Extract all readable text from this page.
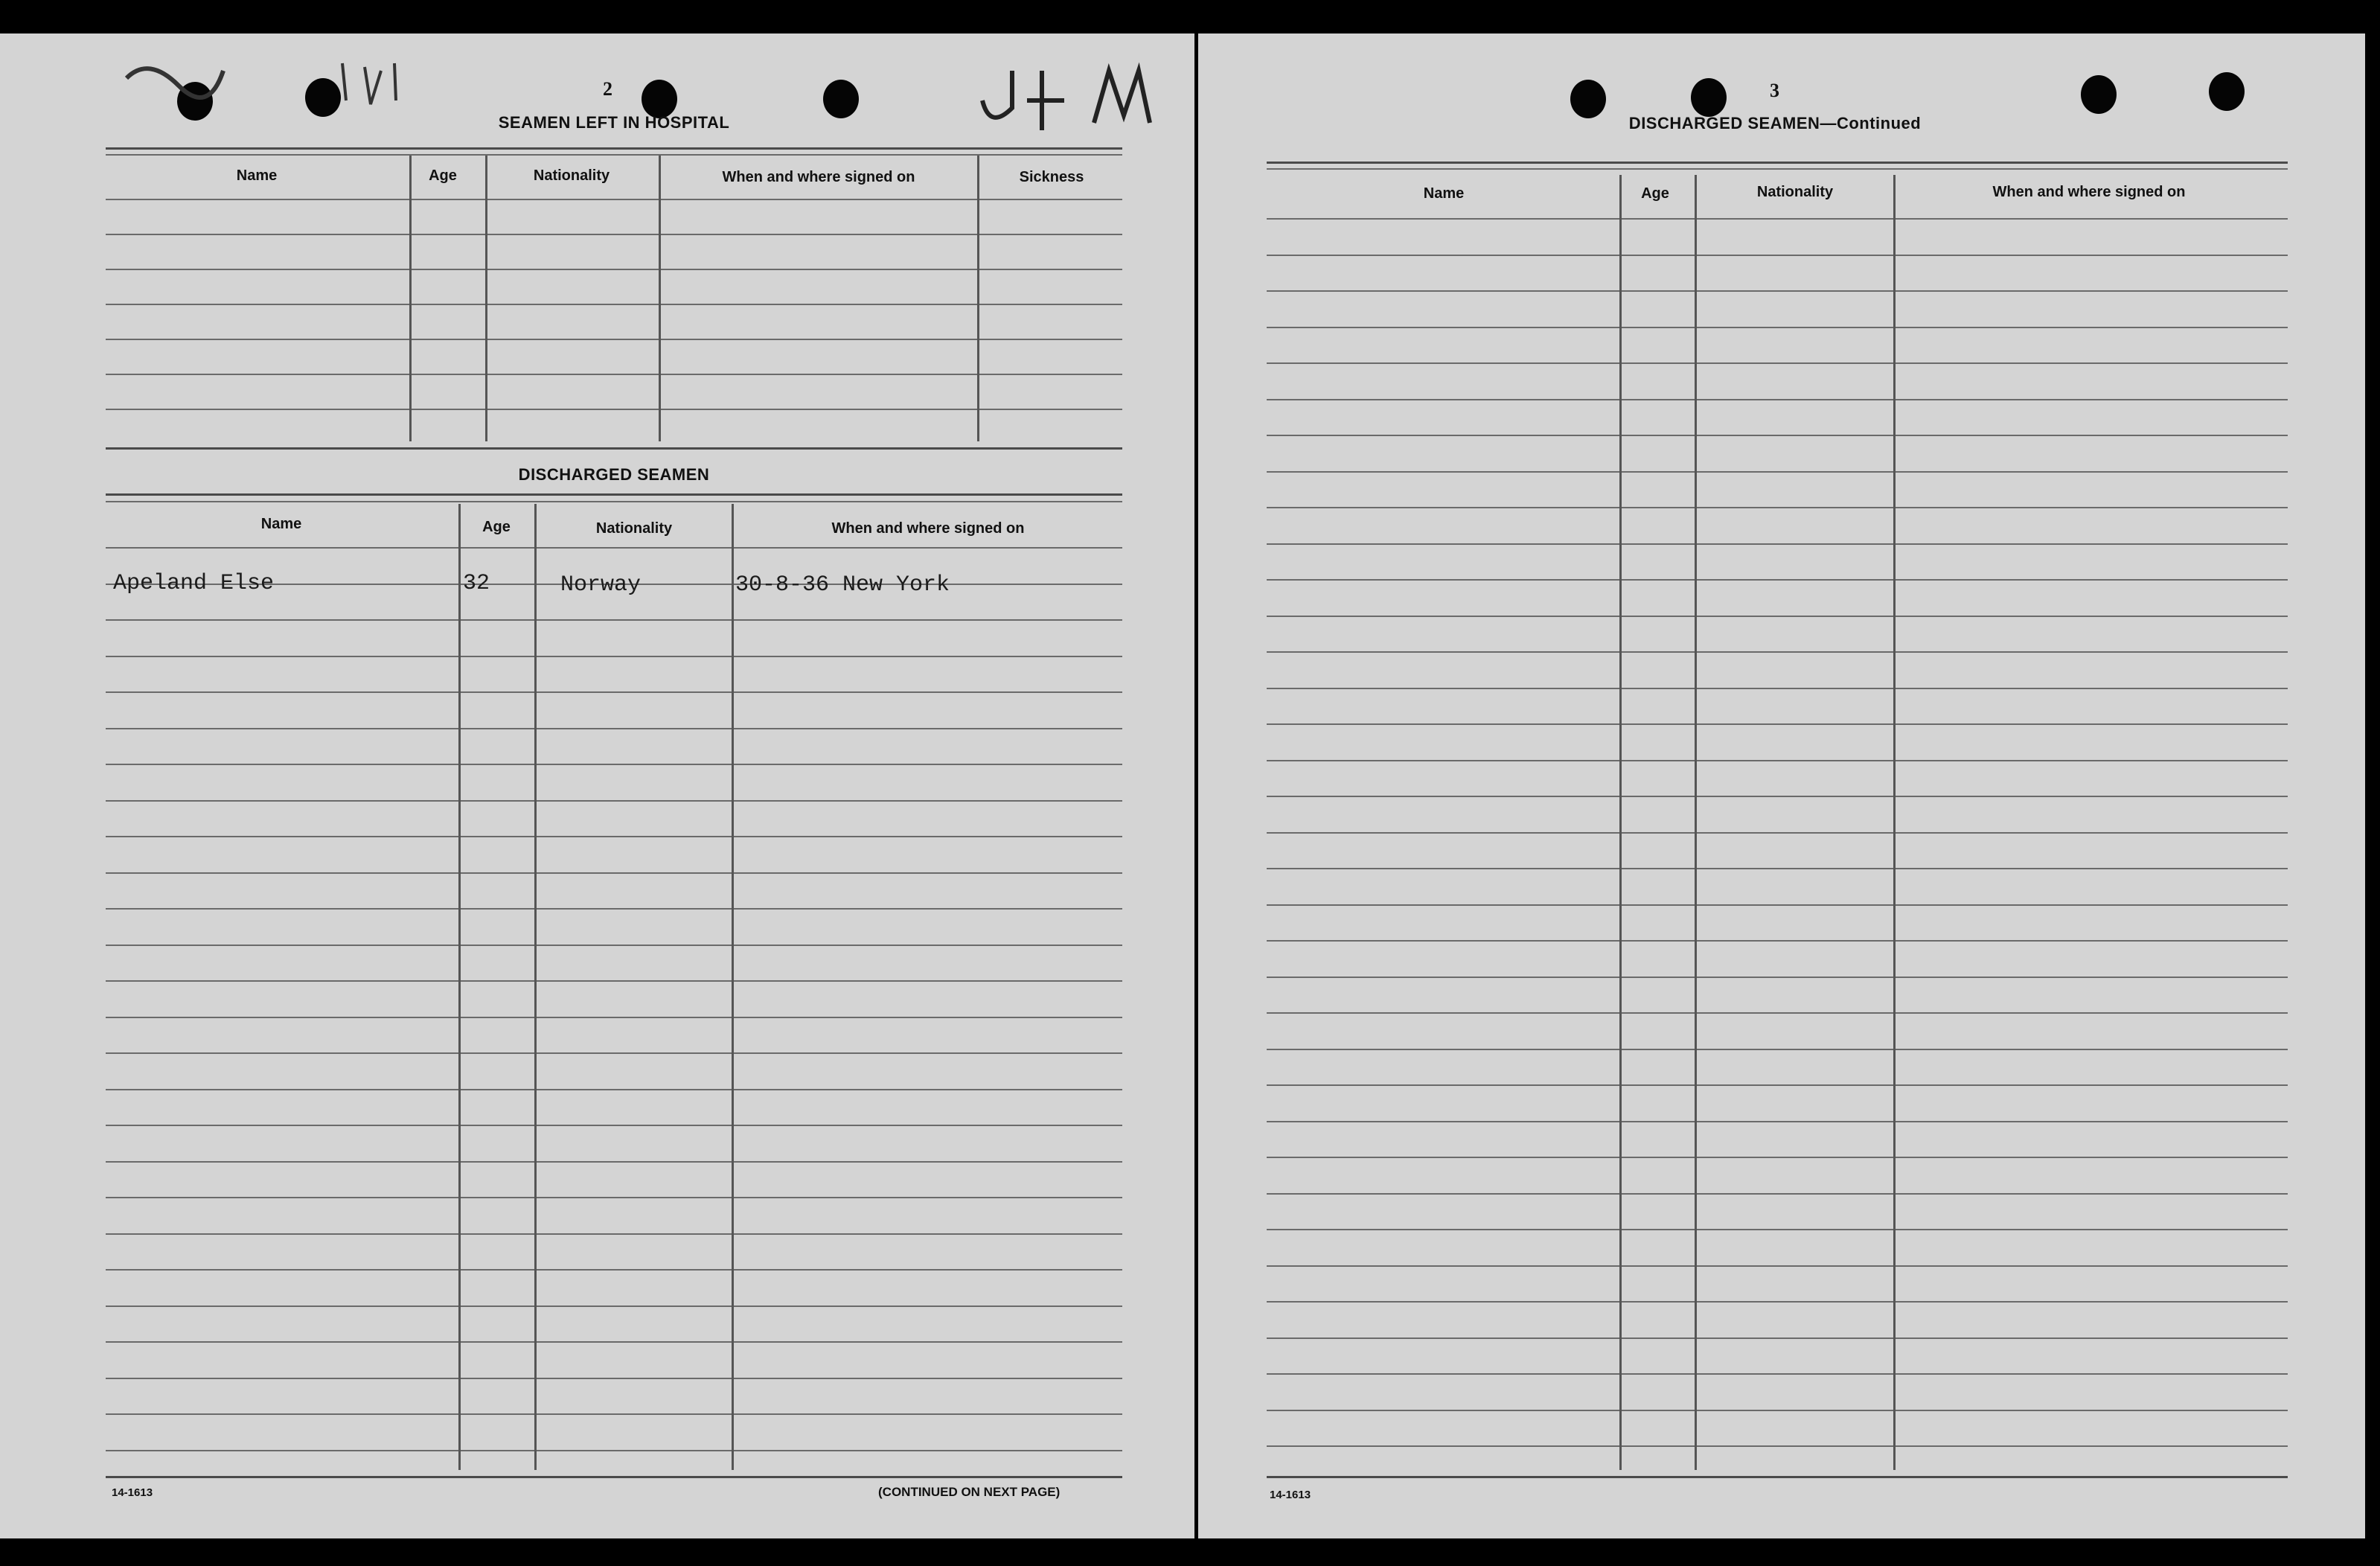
2
SEAMEN LEFT IN HOSPITAL
Name	Age	Nationality	When and where signed on	Sickness
DISCHARGED SEAMEN
Name	Age	Nationality	When and where signed on
Apeland Else	32	Norway	30-8-36 New York
14-1613	(CONTINUED ON NEXT PAGE)
3
DISCHARGED SEAMEN—Continued
Name	Age	Nationality	When and where signed on
14-1613
